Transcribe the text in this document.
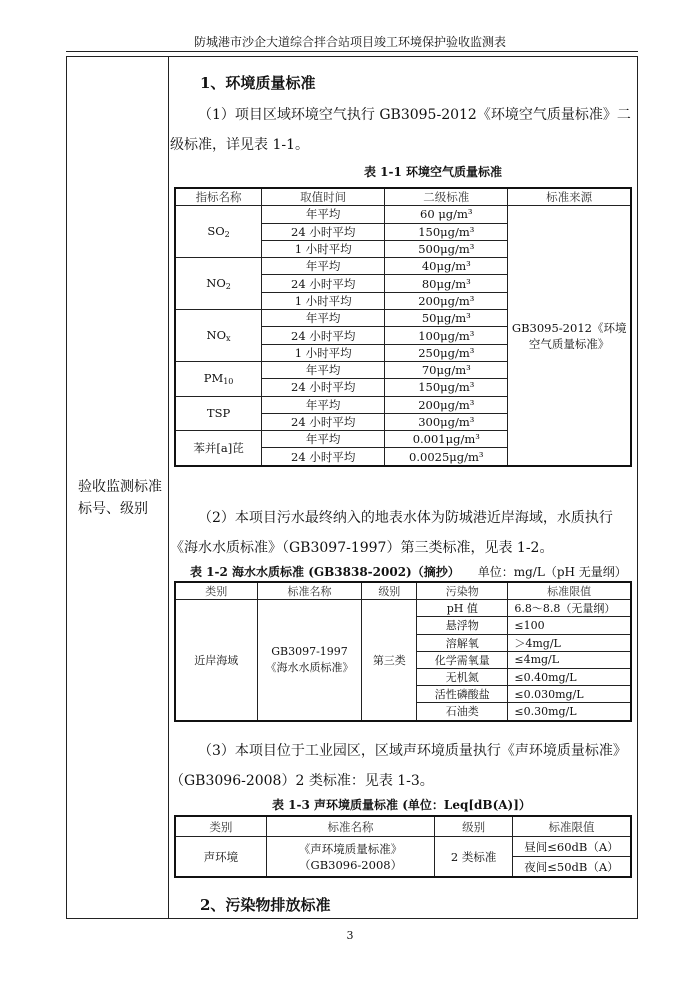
防城港市沙企大道综合拌合站项目竣工环境保护验收监测表
验收监测标准标号、级别
1、环境质量标准
（1）项目区域环境空气执行 GB3095-2012《环境空气质量标准》二级标准，详见表 1-1。
表 1-1 环境空气质量标准
指标名称	取值时间	二级标准	标准来源
$SO_2$	年平均	60 μg/m³	GB3095-2012《环境空气质量标准》
	24 小时平均	150μg/m³	
	1 小时平均	500μg/m³	
$NO_2$	年平均	40μg/m³	
	24 小时平均	80μg/m³	
	1 小时平均	200μg/m³	
$NO_x$	年平均	50μg/m³	
	24 小时平均	100μg/m³	
	1 小时平均	250μg/m³	
$PM_{10}$	年平均	70μg/m³	
	24 小时平均	150μg/m³	
TSP	年平均	200μg/m³	
	24 小时平均	300μg/m³	
苯并[a]芘	年平均	0.001μg/m³	
	24 小时平均	0.0025μg/m³	
（2）本项目污水最终纳入的地表水体为防城港近岸海域，水质执行《海水水质标准》（GB3097-1997）第三类标准，见表 1-2。
表 1-2 海水水质标准 (GB3838-2002)（摘抄） 单位：mg/L（pH 无量纲）
类别	标准名称	级别	污染物	标准限值
近岸海域	GB3097-1997《海水水质标准》	第三类	pH 值	6.8～8.8（无量纲）
			悬浮物	≤100
			溶解氧	＞4mg/L
			化学需氧量	≤4mg/L
			无机氮	≤0.40mg/L
			活性磷酸盐	≤0.030mg/L
			石油类	≤0.30mg/L
（3）本项目位于工业园区，区域声环境质量执行《声环境质量标准》（GB3096-2008）2 类标准：见表 1-3。
表 1-3 声环境质量标准 (单位：Leq[dB(A)]）
类别	标准名称	级别	标准限值
声环境	《声环境质量标准》（GB3096-2008）	2 类标准	昼间≤60dB（A）
			夜间≤50dB（A）
2、污染物排放标准
3
